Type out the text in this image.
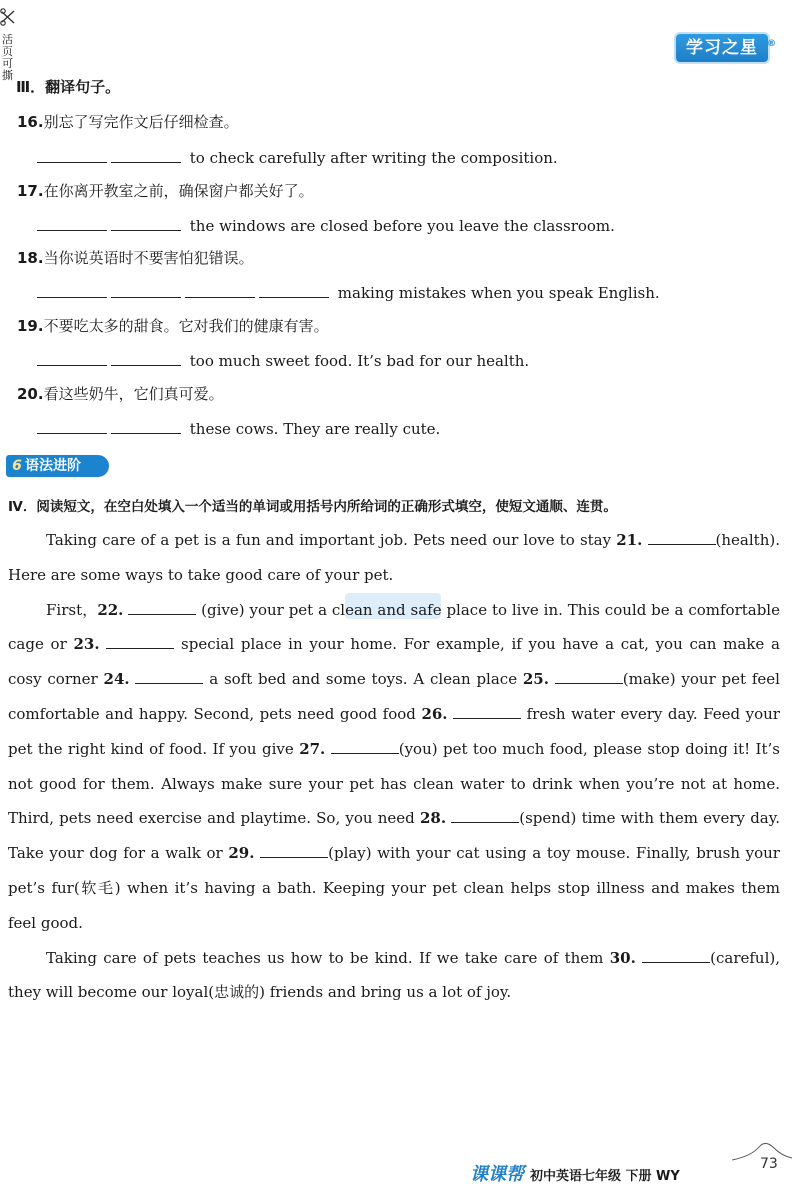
活页可撕
学习之星 ®
Ⅲ．翻译句子。
16.别忘了写完作文后仔细检查。
to check carefully after writing the composition.
17.在你离开教室之前，确保窗户都关好了。
the windows are closed before you leave the classroom.
18.当你说英语时不要害怕犯错误。
making mistakes when you speak English.
19.不要吃太多的甜食。它对我们的健康有害。
too much sweet food. It’s bad for our health.
20.看这些奶牛，它们真可爱。
these cows. They are really cute.
6 语法进阶
Ⅳ．阅读短文，在空白处填入一个适当的单词或用括号内所给词的正确形式填空，使短文通顺、连贯。

Taking care of a pet is a fun and important job. Pets need our love to stay 21.	(health). Here are some ways to take good care of your pet.

First，22.	(give) your pet a clean and safe place to live in. This could be a comfortable cage or 23.	special place in your home. For example, if you have a cat, you can make a cosy corner 24.	a soft bed and some toys. A clean place 25.	(make) your pet feel comfortable and happy. Second, pets need good food 26.	fresh water every day. Feed your pet the right kind of food. If you give 27.	(you) pet too much food, please stop doing it! It’s not good for them. Always make sure your pet has clean water to drink when you’re not at home. Third, pets need exercise and playtime. So, you need 28.	(spend) time with them every day. Take your dog for a walk or 29.	(play) with your cat using a toy mouse. Finally, brush your pet’s fur(软毛) when it’s having a bath. Keeping your pet clean helps stop illness and makes them feel good.

Taking care of pets teaches us how to be kind. If we take care of them 30.	(careful), they will become our loyal(忠诚的) friends and bring us a lot of joy.

课课帮 初中英语七年级 下册 WY
73
